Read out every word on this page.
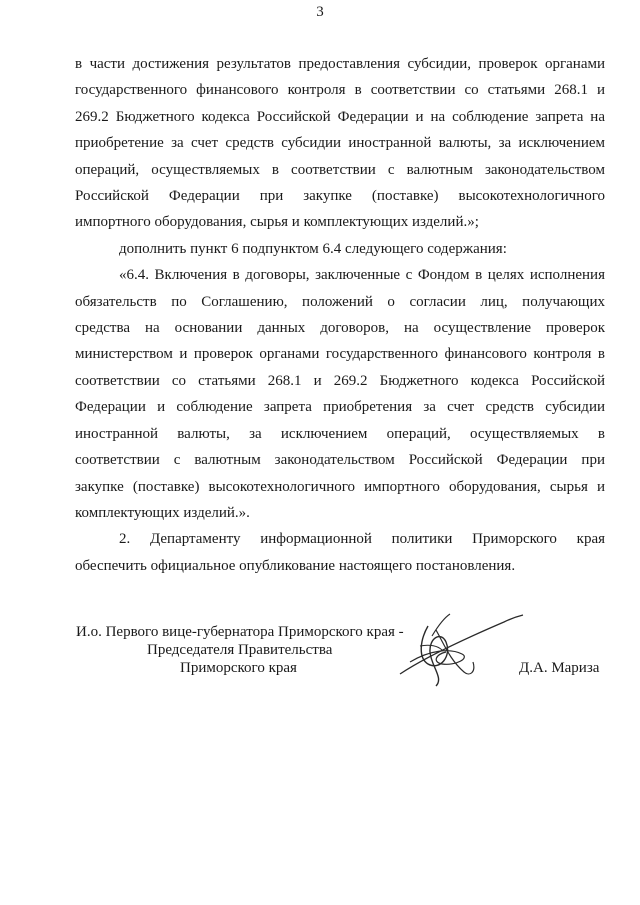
3

в части достижения результатов предоставления субсидии, проверок органами

государственного финансового контроля в соответствии со статьями 268.1 и

269.2 Бюджетного кодекса Российской Федерации и на соблюдение запрета на

приобретение за счет средств субсидии иностранной валюты, за исключением

операций, осуществляемых в соответствии с валютным законодательством

Российской Федерации при закупке (поставке) высокотехнологичного

импортного оборудования, сырья и комплектующих изделий.»;

дополнить пункт 6 подпунктом 6.4 следующего содержания:

«6.4. Включения в договоры, заключенные с Фондом в целях исполнения

обязательств по Соглашению, положений о согласии лиц, получающих

средства на основании данных договоров, на осуществление проверок

министерством и проверок органами государственного финансового контроля в

соответствии со статьями 268.1 и 269.2 Бюджетного кодекса Российской

Федерации и соблюдение запрета приобретения за счет средств субсидии

иностранной валюты, за исключением операций, осуществляемых в

соответствии с валютным законодательством Российской Федерации при

закупке (поставке) высокотехнологичного импортного оборудования, сырья и

комплектующих изделий.».

2. Департаменту информационной политики Приморского края

обеспечить официальное опубликование настоящего постановления.

И.о. Первого вице-губернатора Приморского края -
Председателя Правительства
Приморского края	Д.А. Мариза
